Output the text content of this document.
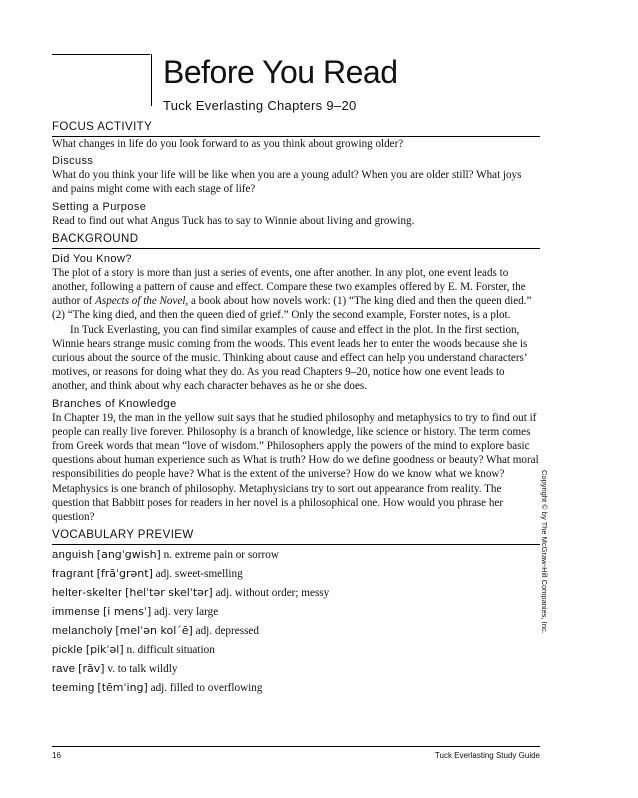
Before You Read
Tuck Everlasting Chapters 9–20
FOCUS ACTIVITY

What changes in life do you look forward to as you think about growing older?

Discuss

What do you think your life will be like when you are a young adult? When you are older still? What joys and pains might come with each stage of life?

Setting a Purpose

Read to find out what Angus Tuck has to say to Winnie about living and growing.

BACKGROUND
Did You Know?

The plot of a story is more than just a series of events, one after another. In any plot, one event leads to another, following a pattern of cause and effect. Compare these two examples offered by E. M. Forster, the author of Aspects of the Novel, a book about how novels work: (1) “The king died and then the queen died.” (2) “The king died, and then the queen died of grief.” Only the second example, Forster notes, is a plot.

In Tuck Everlasting, you can find similar examples of cause and effect in the plot. In the first section, Winnie hears strange music coming from the woods. This event leads her to enter the woods because she is curious about the source of the music. Thinking about cause and effect can help you understand characters’ motives, or reasons for doing what they do. As you read Chapters 9–20, notice how one event leads to another, and think about why each character behaves as he or she does.

Branches of Knowledge

In Chapter 19, the man in the yellow suit says that he studied philosophy and metaphysics to try to find out if people can really live forever. Philosophy is a branch of knowledge, like science or history. The term comes from Greek words that mean “love of wisdom.” Philosophers apply the powers of the mind to explore basic questions about human experience such as What is truth? How do we define goodness or beauty? What moral responsibilities do people have? What is the extent of the universe? How do we know what we know? Metaphysics is one branch of philosophy. Metaphysicians try to sort out appearance from reality. The question that Babbitt poses for readers in her novel is a philosophical one. How would you phrase her question?

VOCABULARY PREVIEW
anguish [angˈgwish] n. extreme pain or sorrow
fragrant [frāˈgrənt] adj. sweet-smelling
helter-skelter [helˈtər skelˈtər] adj. without order; messy
immense [i mensˈ] adj. very large
melancholy [melˈən kolˊē] adj. depressed
pickle [pikˈəl] n. difficult situation
rave [rāv] v. to talk wildly
teeming [tēmˈing] adj. filled to overflowing
Copyright © by The McGraw-Hill Companies, Inc.
16	Tuck Everlasting Study Guide
